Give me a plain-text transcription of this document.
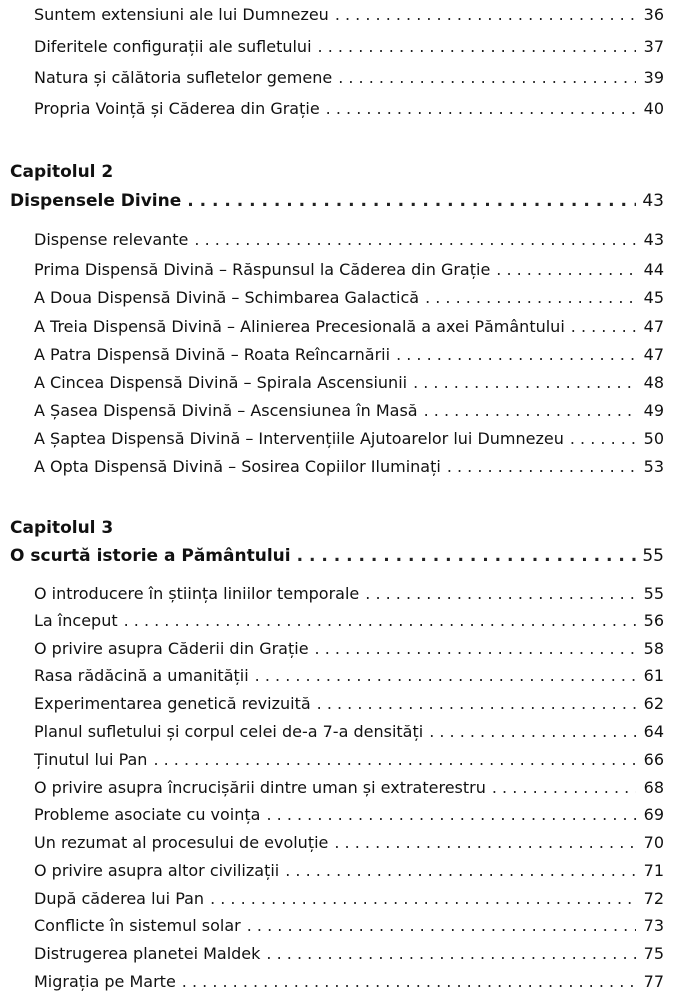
Suntem extensiuni ale lui Dumnezeu . . .	36
Diferitele configurații ale sufletului . . .	37
Natura și călătoria sufletelor gemene . . .	39
Propria Voință și Căderea din Grație . . .	40
Capitolul 2
Dispensele Divine . . .	43
Dispense relevante . . .	43
Prima Dispensă Divină – Răspunsul la Căderea din Grație . . .	44
A Doua Dispensă Divină – Schimbarea Galactică . . .	45
A Treia Dispensă Divină – Alinierea Precesională a axei Pământului . . .	47
A Patra Dispensă Divină – Roata Reîncarnării . . .	47
A Cincea Dispensă Divină – Spirala Ascensiunii . . .	48
A Șasea Dispensă Divină – Ascensiunea în Masă . . .	49
A Șaptea Dispensă Divină – Intervențiile Ajutoarelor lui Dumnezeu . . .	50
A Opta Dispensă Divină – Sosirea Copiilor Iluminați . . .	53
Capitolul 3
O scurtă istorie a Pământului . . .	55
O introducere în știința liniilor temporale . . .	55
La început . . .	56
O privire asupra Căderii din Grație . . .	58
Rasa rădăcină a umanității . . .	61
Experimentarea genetică revizuită . . .	62
Planul sufletului și corpul celei de-a 7-a densități . . .	64
Ținutul lui Pan . . .	66
O privire asupra încrucișării dintre uman și extraterestru . . .	68
Probleme asociate cu voința . . .	69
Un rezumat al procesului de evoluție . . .	70
O privire asupra altor civilizații . . .	71
După căderea lui Pan . . .	72
Conflicte în sistemul solar . . .	73
Distrugerea planetei Maldek . . .	75
Migrația pe Marte . . .	77
